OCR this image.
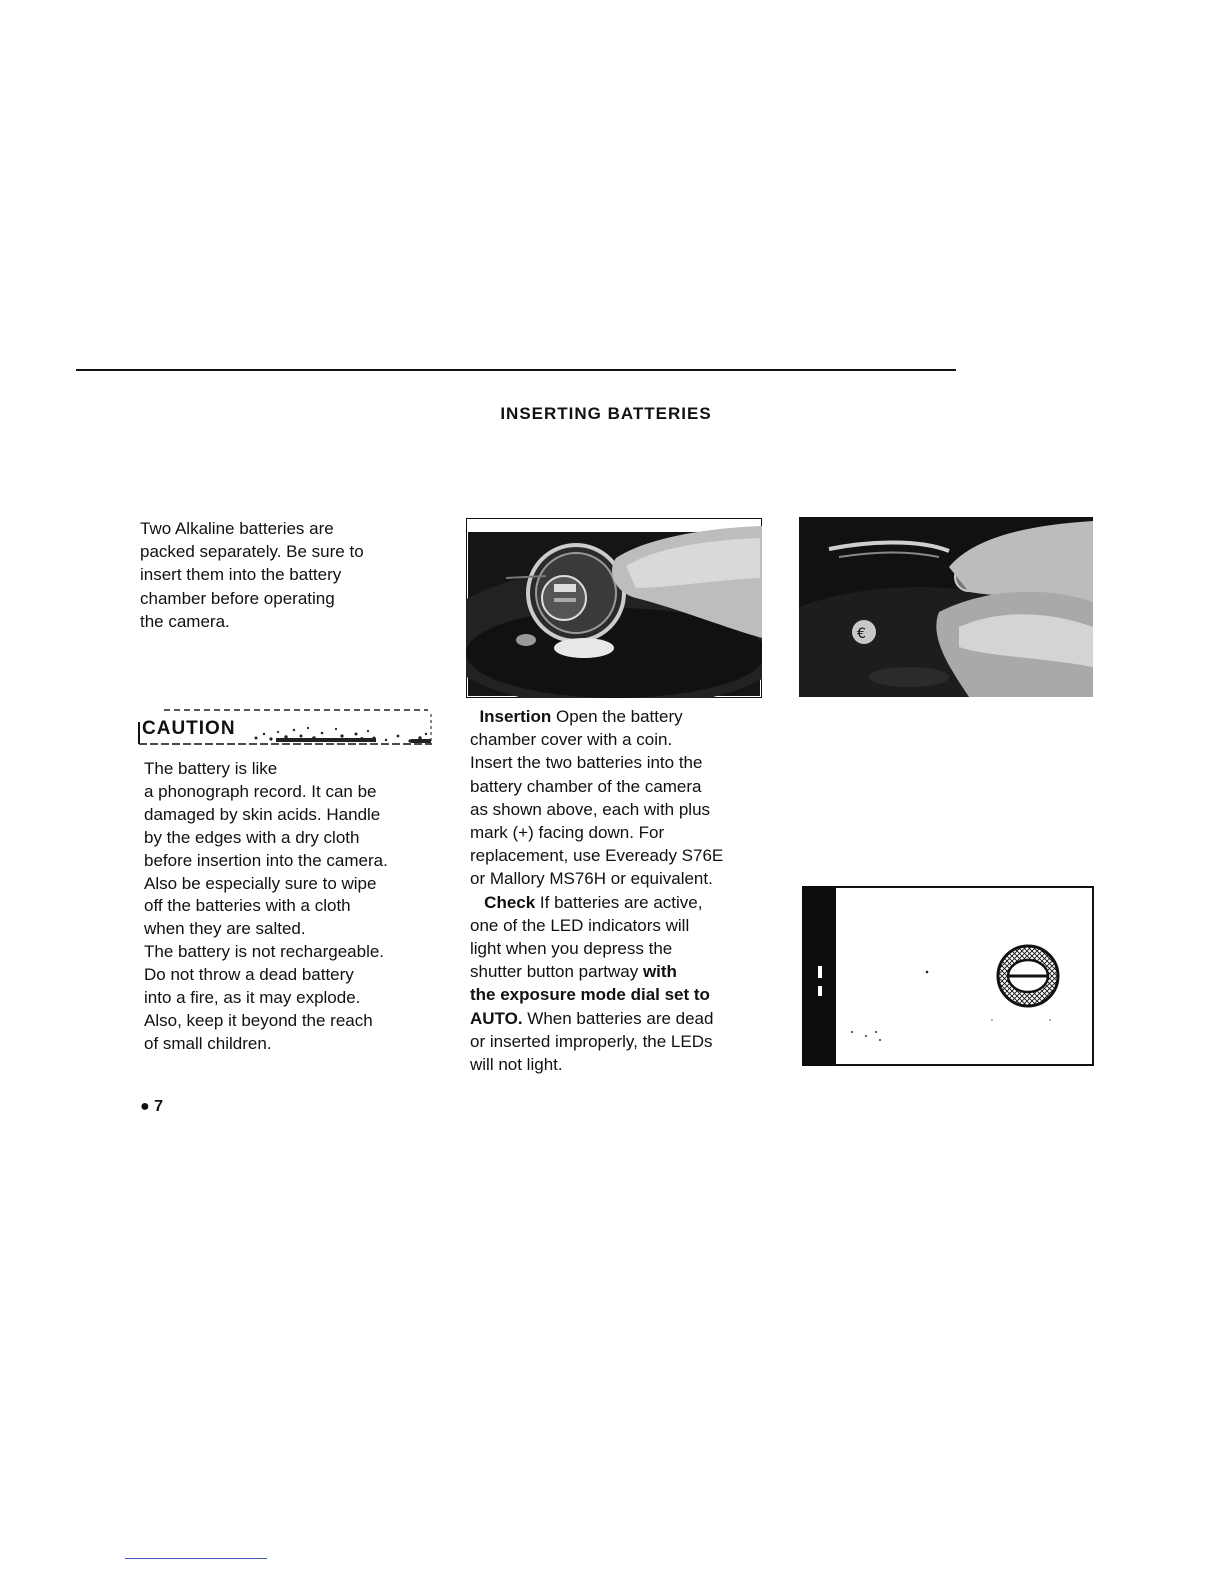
INSERTING BATTERIES

Two Alkaline batteries are

packed separately. Be sure to

insert them into the battery

chamber before operating

the camera.

CAUTION

The battery is like

a phonograph record. It can be

damaged by skin acids. Handle

by the edges with a dry cloth

before insertion into the camera.

Also be especially sure to wipe

off the batteries with a cloth

when they are salted.

The battery is not rechargeable.

Do not throw a dead battery

into a fire, as it may explode.

Also, keep it beyond the reach

of small children.

€

Insertion Open the battery

chamber cover with a coin.

Insert the two batteries into the

battery chamber of the camera

as shown above, each with plus

mark (+) facing down. For

replacement, use Eveready S76E

or Mallory MS76H or equivalent.

Check If batteries are active,

one of the LED indicators will

light when you depress the

shutter button partway with

the exposure mode dial set to

AUTO. When batteries are dead

or inserted improperly, the LEDs

will not light.

● 7
